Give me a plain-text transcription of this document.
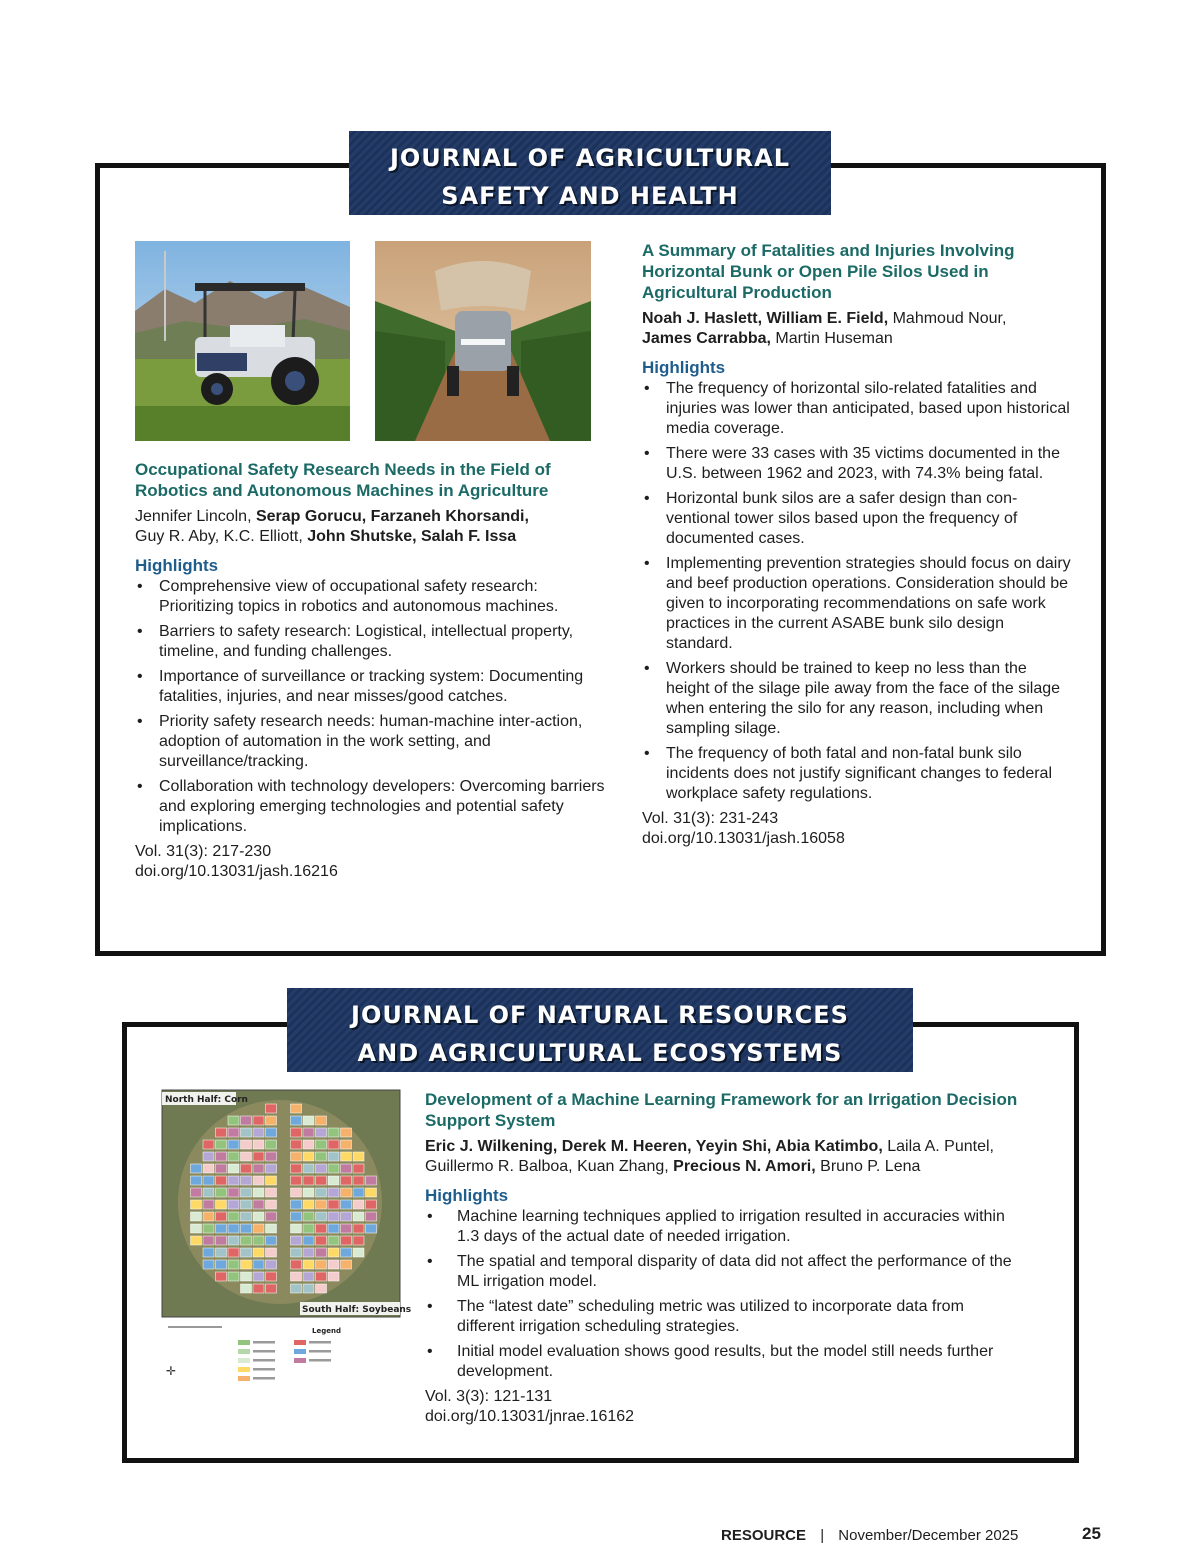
JOURNAL OF AGRICULTURAL
SAFETY AND HEALTH
Occupational Safety Research Needs in the Field of Robotics and Autonomous Machines in Agriculture
Jennifer Lincoln, Serap Gorucu, Farzaneh Khorsandi,
Guy R. Aby, K.C. Elliott, John Shutske, Salah F. Issa
Highlights
• Comprehensive view of occupational safety research: Prioritizing topics in robotics and autonomous machines.
• Barriers to safety research: Logistical, intellectual property, timeline, and funding challenges.
• Importance of surveillance or tracking system: Documenting fatalities, injuries, and near misses/good catches.
• Priority safety research needs: human-machine inter-action, adoption of automation in the work setting, and surveillance/tracking.
• Collaboration with technology developers: Overcoming barriers and exploring emerging technologies and potential safety implications.
Vol. 31(3): 217-230
doi.org/10.13031/jash.16216
A Summary of Fatalities and Injuries Involving Horizontal Bunk or Open Pile Silos Used in Agricultural Production
Noah J. Haslett, William E. Field, Mahmoud Nour,
James Carrabba, Martin Huseman
Highlights
• The frequency of horizontal silo-related fatalities and injuries was lower than anticipated, based upon historical media coverage.
• There were 33 cases with 35 victims documented in the U.S. between 1962 and 2023, with 74.3% being fatal.
• Horizontal bunk silos are a safer design than con-ventional tower silos based upon the frequency of documented cases.
• Implementing prevention strategies should focus on dairy and beef production operations. Consideration should be given to incorporating recommendations on safe work practices in the current ASABE bunk silo design standard.
• Workers should be trained to keep no less than the height of the silage pile away from the face of the silage when entering the silo for any reason, including when sampling silage.
• The frequency of both fatal and non-fatal bunk silo incidents does not justify significant changes to federal workplace safety regulations.
Vol. 31(3): 231-243
doi.org/10.13031/jash.16058
JOURNAL OF NATURAL RESOURCES
AND AGRICULTURAL ECOSYSTEMS
North Half: Corn
South Half: Soybeans
Legend
✛
Development of a Machine Learning Framework for an Irrigation Decision Support System
Eric J. Wilkening, Derek M. Heeren, Yeyin Shi, Abia Katimbo, Laila A. Puntel,
Guillermo R. Balboa, Kuan Zhang, Precious N. Amori, Bruno P. Lena
Highlights
• Machine learning techniques applied to irrigation resulted in accuracies within 1.3 days of the actual date of needed irrigation.
• The spatial and temporal disparity of data did not affect the performance of the ML irrigation model.
• The “latest date” scheduling metric was utilized to incorporate data from different irrigation scheduling strategies.
• Initial model evaluation shows good results, but the model still needs further development.
Vol. 3(3): 121-131
doi.org/10.13031/jnrae.16162
RESOURCE | November/December 2025	25
